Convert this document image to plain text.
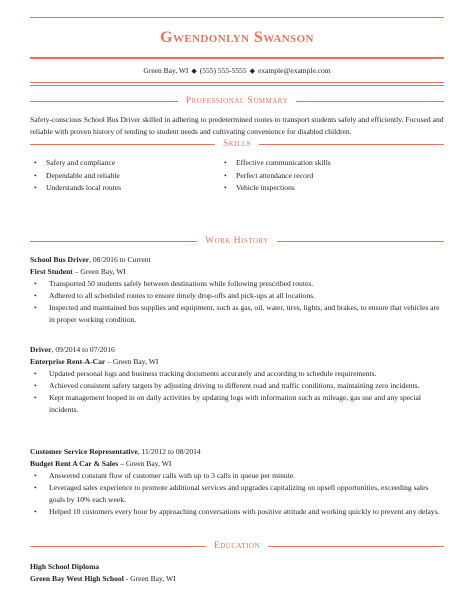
Gwendonlyn Swanson
Green Bay, WI ◆ (555) 555-5555 ◆ example@example.com
Professional Summary
Safety-conscious School Bus Driver skilled in adhering to predetermined routes to transport students safely and efficiently. Focused and reliable with proven history of tending to student needs and cultivating convenience for disabled children.
Skills
• Safety and compliance
• Dependable and reliable
• Understands local routes
• Effective communication skills
• Perfect attendance record
• Vehicle inspections
Work History
School Bus Driver, 08/2016 to Current
First Student – Green Bay, WI
• Transported 50 students safely between destinations while following prescribed routes.
• Adhered to all scheduled routes to ensure timely drop-offs and pick-ups at all locations.
• Inspected and maintained bus supplies and equipment, such as gas, oil, water, tires, lights, and brakes, to ensure that vehicles are in proper working condition.
Driver, 09/2014 to 07/2016
Enterprise Rent-A-Car – Green Bay, WI
• Updated personal logs and business tracking documents accurately and according to schedule requirements.
• Achieved consistent safety targets by adjusting driving to different road and traffic conditions, maintaining zero incidents.
• Kept management looped in on daily activities by updating logs with information such as mileage, gas use and any special incidents.
Customer Service Representative, 11/2012 to 08/2014
Budget Rent A Car & Sales – Green Bay, WI
• Answered constant flow of customer calls with up to 3 calls in queue per minute.
• Leveraged sales experience to promote additional services and upgrades capitalizing on upsell opportunities, exceeding sales goals by 10% each week.
• Helped 10 customers every hour by approaching conversations with positive attitude and working quickly to prevent any delays.
Education
High School Diploma
Green Bay West High School - Green Bay, WI
